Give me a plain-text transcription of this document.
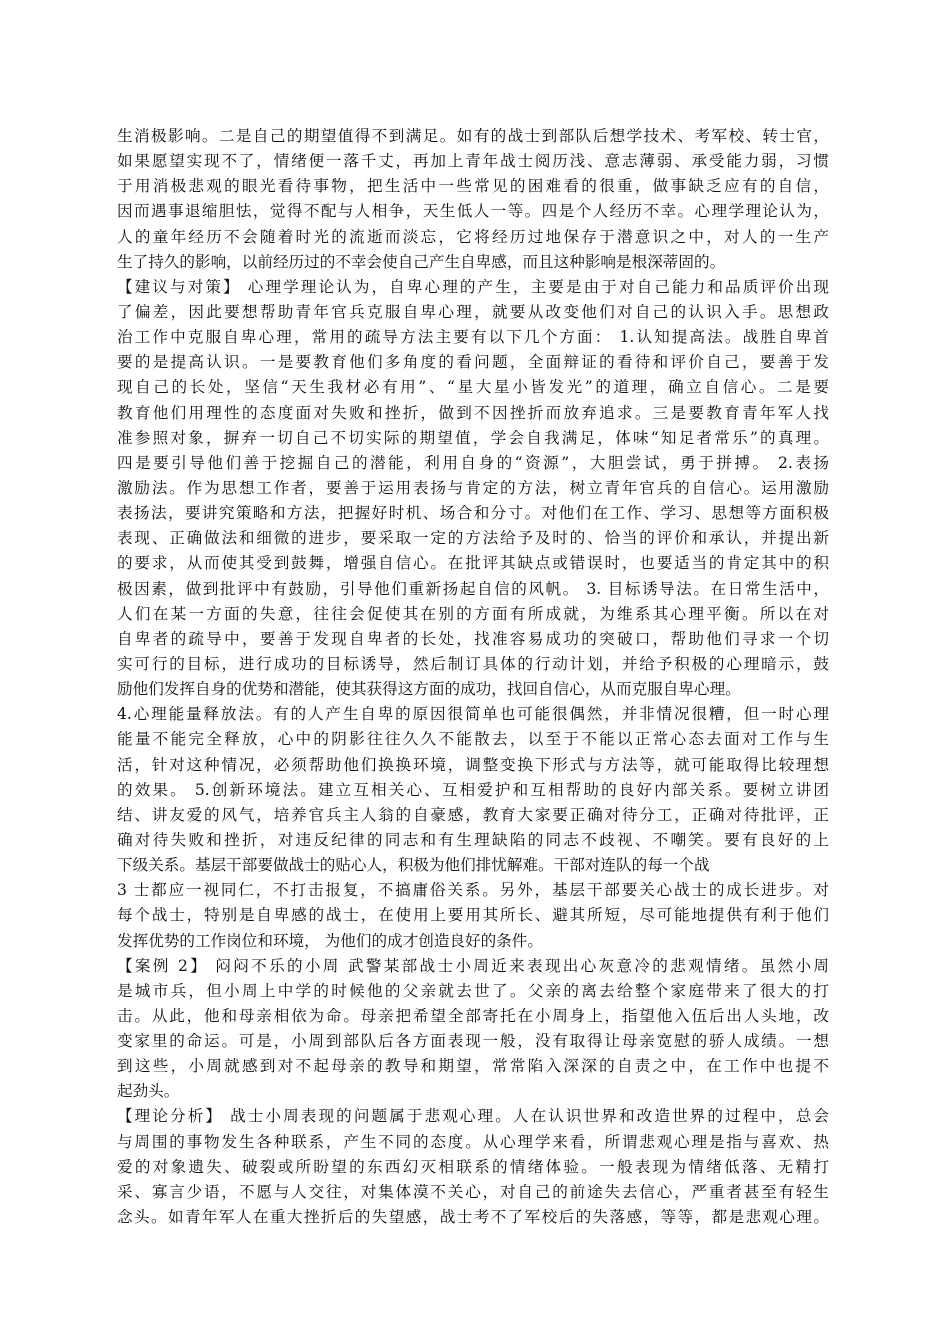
生消极影响。二是自己的期望值得不到满足。如有的战士到部队后想学技术、考军校、转士官，
如果愿望实现不了，情绪便一落千丈，再加上青年战士阅历浅、意志薄弱、承受能力弱，习惯
于用消极悲观的眼光看待事物，把生活中一些常见的困难看的很重，做事缺乏应有的自信，
因而遇事退缩胆怯，觉得不配与人相争，天生低人一等。四是个人经历不幸。心理学理论认为，
人的童年经历不会随着时光的流逝而淡忘，它将经历过地保存于潜意识之中，对人的一生产
生了持久的影响，以前经历过的不幸会使自己产生自卑感，而且这种影响是根深蒂固的。
【建议与对策】 心理学理论认为，自卑心理的产生，主要是由于对自己能力和品质评价出现
了偏差，因此要想帮助青年官兵克服自卑心理，就要从改变他们对自己的认识入手。思想政
治工作中克服自卑心理，常用的疏导方法主要有以下几个方面： 1.认知提高法。战胜自卑首
要的是提高认识。一是要教育他们多角度的看问题，全面辩证的看待和评价自己，要善于发
现自己的长处，坚信“天生我材必有用”、“星大星小皆发光”的道理，确立自信心。二是要
教育他们用理性的态度面对失败和挫折，做到不因挫折而放弃追求。三是要教育青年军人找
准参照对象，摒弃一切自己不切实际的期望值，学会自我满足，体味“知足者常乐”的真理。
四是要引导他们善于挖掘自己的潜能，利用自身的“资源”，大胆尝试，勇于拼搏。 2.表扬
激励法。作为思想工作者，要善于运用表扬与肯定的方法，树立青年官兵的自信心。运用激励
表扬法，要讲究策略和方法，把握好时机、场合和分寸。对他们在工作、学习、思想等方面积极
表现、正确做法和细微的进步，要采取一定的方法给予及时的、恰当的评价和承认，并提出新
的要求，从而使其受到鼓舞，增强自信心。在批评其缺点或错误时，也要适当的肯定其中的积
极因素，做到批评中有鼓励，引导他们重新扬起自信的风帆。 3. 目标诱导法。在日常生活中，
人们在某一方面的失意，往往会促使其在别的方面有所成就，为维系其心理平衡。所以在对
自卑者的疏导中，要善于发现自卑者的长处，找准容易成功的突破口，帮助他们寻求一个切
实可行的目标，进行成功的目标诱导，然后制订具体的行动计划，并给予积极的心理暗示，鼓
励他们发挥自身的优势和潜能，使其获得这方面的成功，找回自信心，从而克服自卑心理。
4.心理能量释放法。有的人产生自卑的原因很简单也可能很偶然，并非情况很糟，但一时心理
能量不能完全释放，心中的阴影往往久久不能散去，以至于不能以正常心态去面对工作与生
活，针对这种情况，必须帮助他们换换环境，调整变换下形式与方法等，就可能取得比较理想
的效果。 5.创新环境法。建立互相关心、互相爱护和互相帮助的良好内部关系。要树立讲团
结、讲友爱的风气，培养官兵主人翁的自豪感，教育大家要正确对待分工，正确对待批评，正
确对待失败和挫折，对违反纪律的同志和有生理缺陷的同志不歧视、不嘲笑。要有良好的上
下级关系。基层干部要做战士的贴心人，积极为他们排忧解难。干部对连队的每一个战
3 士都应一视同仁，不打击报复，不搞庸俗关系。另外，基层干部要关心战士的成长进步。对
每个战士，特别是自卑感的战士，在使用上要用其所长、避其所短，尽可能地提供有利于他们
发挥优势的工作岗位和环境， 为他们的成才创造良好的条件。
【案例 2】 闷闷不乐的小周 武警某部战士小周近来表现出心灰意冷的悲观情绪。虽然小周
是城市兵，但小周上中学的时候他的父亲就去世了。父亲的离去给整个家庭带来了很大的打
击。从此，他和母亲相依为命。母亲把希望全部寄托在小周身上，指望他入伍后出人头地，改
变家里的命运。可是，小周到部队后各方面表现一般，没有取得让母亲宽慰的骄人成绩。一想
到这些，小周就感到对不起母亲的教导和期望，常常陷入深深的自责之中，在工作中也提不
起劲头。
【理论分析】 战士小周表现的问题属于悲观心理。人在认识世界和改造世界的过程中，总会
与周围的事物发生各种联系，产生不同的态度。从心理学来看，所谓悲观心理是指与喜欢、热
爱的对象遗失、破裂或所盼望的东西幻灭相联系的情绪体验。一般表现为情绪低落、无精打
采、寡言少语，不愿与人交往，对集体漠不关心，对自己的前途失去信心，严重者甚至有轻生
念头。如青年军人在重大挫折后的失望感，战士考不了军校后的失落感，等等，都是悲观心理。
